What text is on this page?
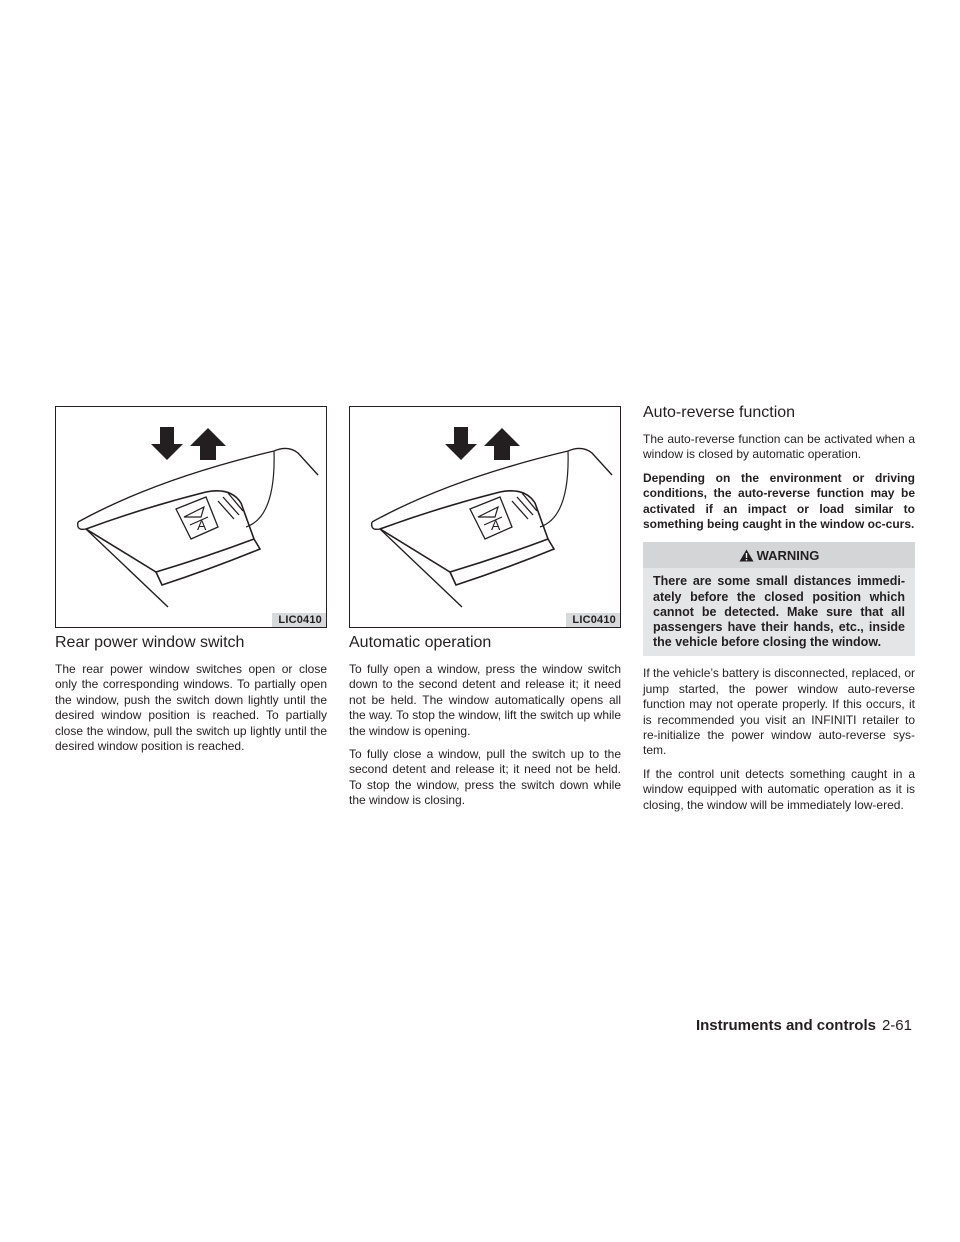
A
LIC0410
A
LIC0410
Rear power window switch

The rear power window switches open or close only the corresponding windows. To partially open the window, push the switch down lightly until the desired window position is reached. To partially close the window, pull the switch up lightly until the desired window position is reached.

Automatic operation

To fully open a window, press the window switch down to the second detent and release it; it need not be held. The window automatically opens all the way. To stop the window, lift the switch up while the window is opening.

To fully close a window, pull the switch up to the second detent and release it; it need not be held. To stop the window, press the switch down while the window is closing.

Auto-reverse function

The auto-reverse function can be activated when a window is closed by automatic operation.

Depending on the environment or driving conditions, the auto-reverse function may be activated if an impact or load similar to something being caught in the window oc-curs.

WARNING
There are some small distances immedi-ately before the closed position which cannot be detected. Make sure that all passengers have their hands, etc., inside the vehicle before closing the window.

If the vehicle’s battery is disconnected, replaced, or jump started, the power window auto-reverse function may not operate properly. If this occurs, it is recommended you visit an INFINITI retailer to re-initialize the power window auto-reverse sys-tem.

If the control unit detects something caught in a window equipped with automatic operation as it is closing, the window will be immediately low-ered.

Instruments and controls 2-61
